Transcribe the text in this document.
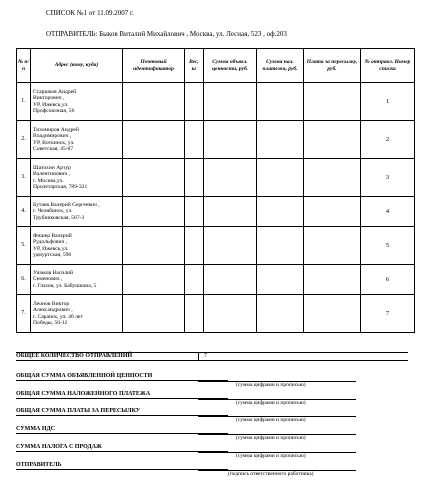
СПИСОК №1 от 11.09.2007 г.
ОТПРАВИТЕЛЬ: Быков Виталий Михайлович , Москва, ул. Лесная, 523 , оф.203
№ п/п	Адрес (кому, куда)	Почтовый идентификатор	Вес, кг	Сумма объявл. ценности, руб.	Сумма нал. платежа, руб.	Плата за пересылку, руб.	№ отправл. Номер списка
1.	Старшков Андрей
Викторович ,
УР, Ижевск,ул.
Профсоюзная, 56						1
2.	Тихомиров Андрей
Владимирович ,
УР, Воткинск, ул.
Советская, 45-87						2
3.	Шатохин Артур
Валентинович ,
г. Москва,ул.
Пролетарская, 789-321						3
4.	Бутаев Валерий Сергеевич ,
г. Челябинск, ул.
Трубниковская, 567-3						4
5.	Фишер Валерий
Рудольфович ,
УР, Ижевск,ул.
удмуртская, 596						5
6.	Ушаков Василий
Семенович ,
г. Глазов, ул. Бабушкина, 5						6
7.	Леонов Виктор
Александрович ,
г. Саранск, ул. 40 лет
Победы, 56-12						7
ОБЩЕЕ КОЛИЧЕСТВО ОТПРАВЛЕНИЙ	7
ОБЩАЯ СУММА ОБЪЯВЛЕННОЙ ЦЕННОСТИ
(сумма цифрами и прописью)
ОБЩАЯ СУММА НАЛОЖЕННОГО ПЛАТЕЖА
(сумма цифрами и прописью)
ОБЩАЯ СУММА ПЛАТЫ ЗА ПЕРЕСЫЛКУ
(сумма цифрами и прописью)
СУММА НДС
(сумма цифрами и прописью)
СУММА НАЛОГА С ПРОДАЖ
(сумма цифрами и прописью)
ОТПРАВИТЕЛЬ
(подпись ответственного работника)
